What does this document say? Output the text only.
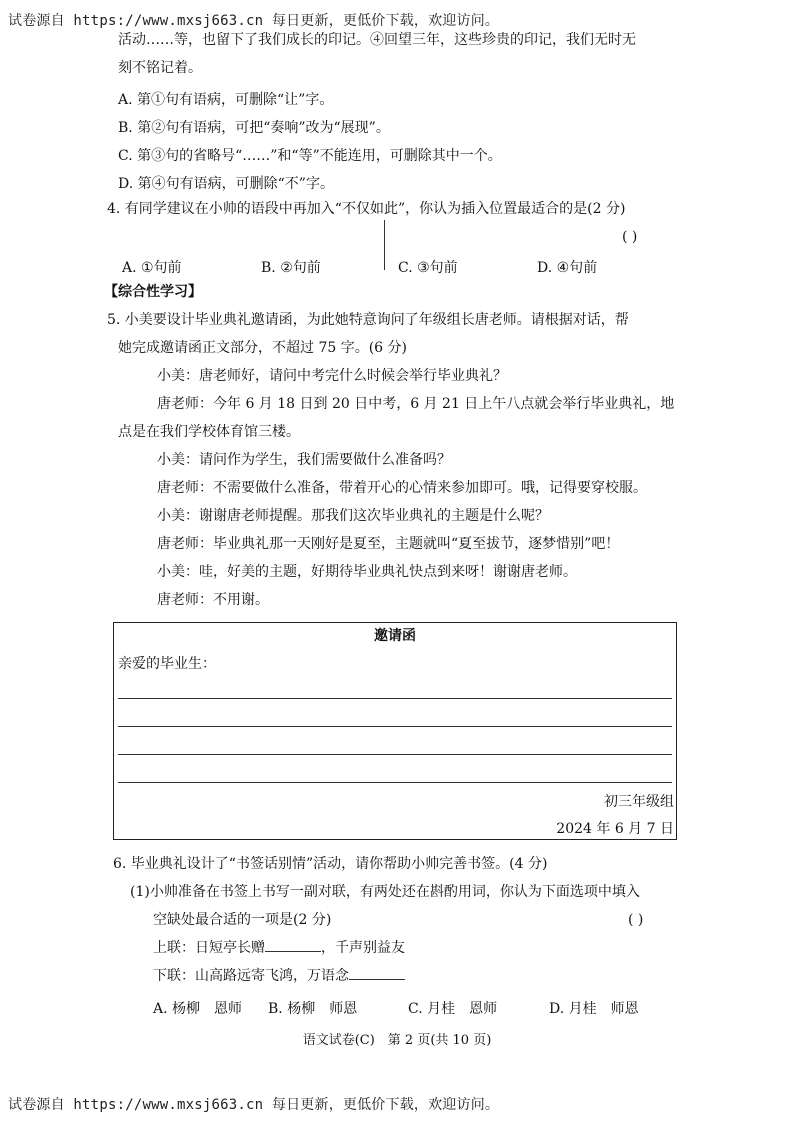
试卷源自 https://www.mxsj663.cn 每日更新，更低价下载，欢迎访问。
活动……等，也留下了我们成长的印记。④回望三年，这些珍贵的印记，我们无时无
刻不铭记着。
A. 第①句有语病，可删除“让”字。
B. 第②句有语病，可把“奏响”改为“展现”。
C. 第③句的省略号“……”和“等”不能连用，可删除其中一个。
D. 第④句有语病，可删除“不”字。
4. 有同学建议在小帅的语段中再加入“不仅如此”，你认为插入位置最适合的是(2 分)
( )
A. ①句前	B. ②句前	C. ③句前	D. ④句前
【综合性学习】
5. 小美要设计毕业典礼邀请函，为此她特意询问了年级组长唐老师。请根据对话，帮
她完成邀请函正文部分，不超过 75 字。(6 分)
小美：唐老师好，请问中考完什么时候会举行毕业典礼？
唐老师：今年 6 月 18 日到 20 日中考，6 月 21 日上午八点就会举行毕业典礼，地
点是在我们学校体育馆三楼。
小美：请问作为学生，我们需要做什么准备吗？
唐老师：不需要做什么准备，带着开心的心情来参加即可。哦，记得要穿校服。
小美：谢谢唐老师提醒。那我们这次毕业典礼的主题是什么呢？
唐老师：毕业典礼那一天刚好是夏至，主题就叫“夏至拔节，逐梦惜别”吧！
小美：哇，好美的主题，好期待毕业典礼快点到来呀！谢谢唐老师。
唐老师：不用谢。
邀请函
亲爱的毕业生：
初三年级组
2024 年 6 月 7 日
6. 毕业典礼设计了“书签话别情”活动，请你帮助小帅完善书签。(4 分)
(1)小帅准备在书签上书写一副对联，有两处还在斟酌用词，你认为下面选项中填入
空缺处最合适的一项是(2 分)	( )
上联：日短亭长赠	，千声别益友
下联：山高路远寄飞鸿，万语念
A. 杨柳　恩师 B. 杨柳　师恩	C. 月桂　恩师	D. 月桂　师恩
语文试卷(C)　第 2 页(共 10 页)
试卷源自 https://www.mxsj663.cn 每日更新，更低价下载，欢迎访问。
